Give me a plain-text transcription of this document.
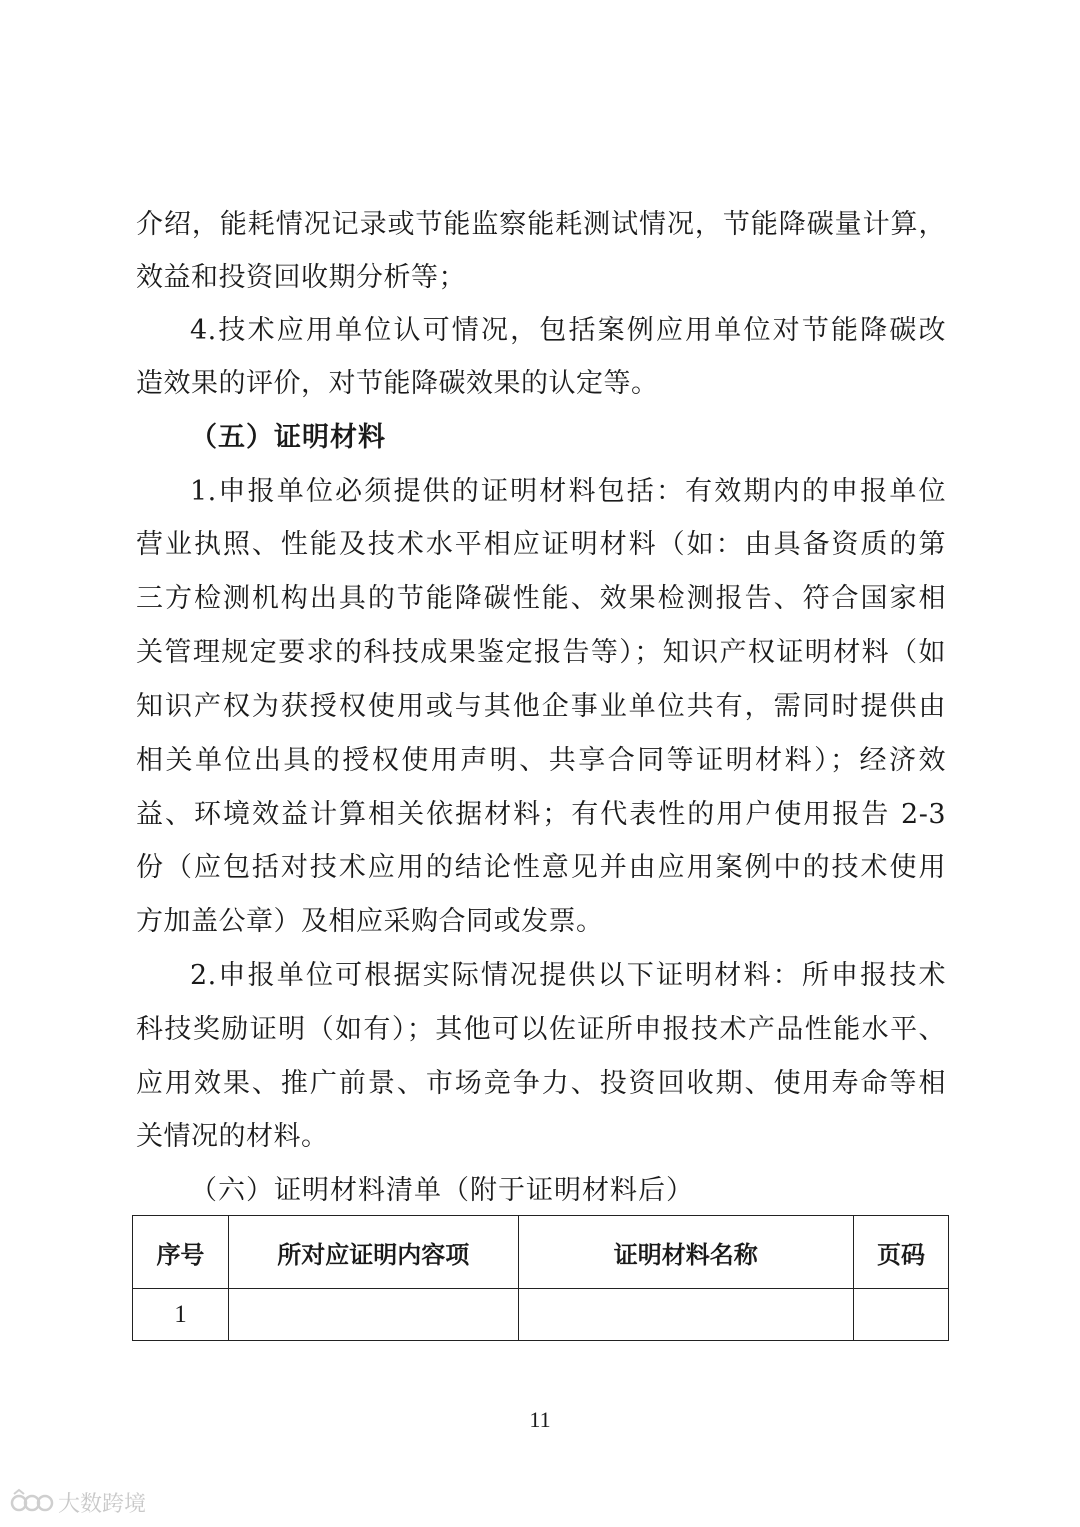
介绍，能耗情况记录或节能监察能耗测试情况，节能降碳量计算，
效益和投资回收期分析等；
4.技术应用单位认可情况，包括案例应用单位对节能降碳改
造效果的评价，对节能降碳效果的认定等。
（五）证明材料
1.申报单位必须提供的证明材料包括：有效期内的申报单位
营业执照、性能及技术水平相应证明材料（如：由具备资质的第
三方检测机构出具的节能降碳性能、效果检测报告、符合国家相
关管理规定要求的科技成果鉴定报告等）；知识产权证明材料（如
知识产权为获授权使用或与其他企事业单位共有，需同时提供由
相关单位出具的授权使用声明、共享合同等证明材料）；经济效
益、环境效益计算相关依据材料；有代表性的用户使用报告 2-3
份（应包括对技术应用的结论性意见并由应用案例中的技术使用
方加盖公章）及相应采购合同或发票。
2.申报单位可根据实际情况提供以下证明材料：所申报技术
科技奖励证明（如有）；其他可以佐证所申报技术产品性能水平、
应用效果、推广前景、市场竞争力、投资回收期、使用寿命等相
关情况的材料。
（六）证明材料清单（附于证明材料后）
序号	所对应证明内容项	证明材料名称	页码
1			
11
大数跨境
